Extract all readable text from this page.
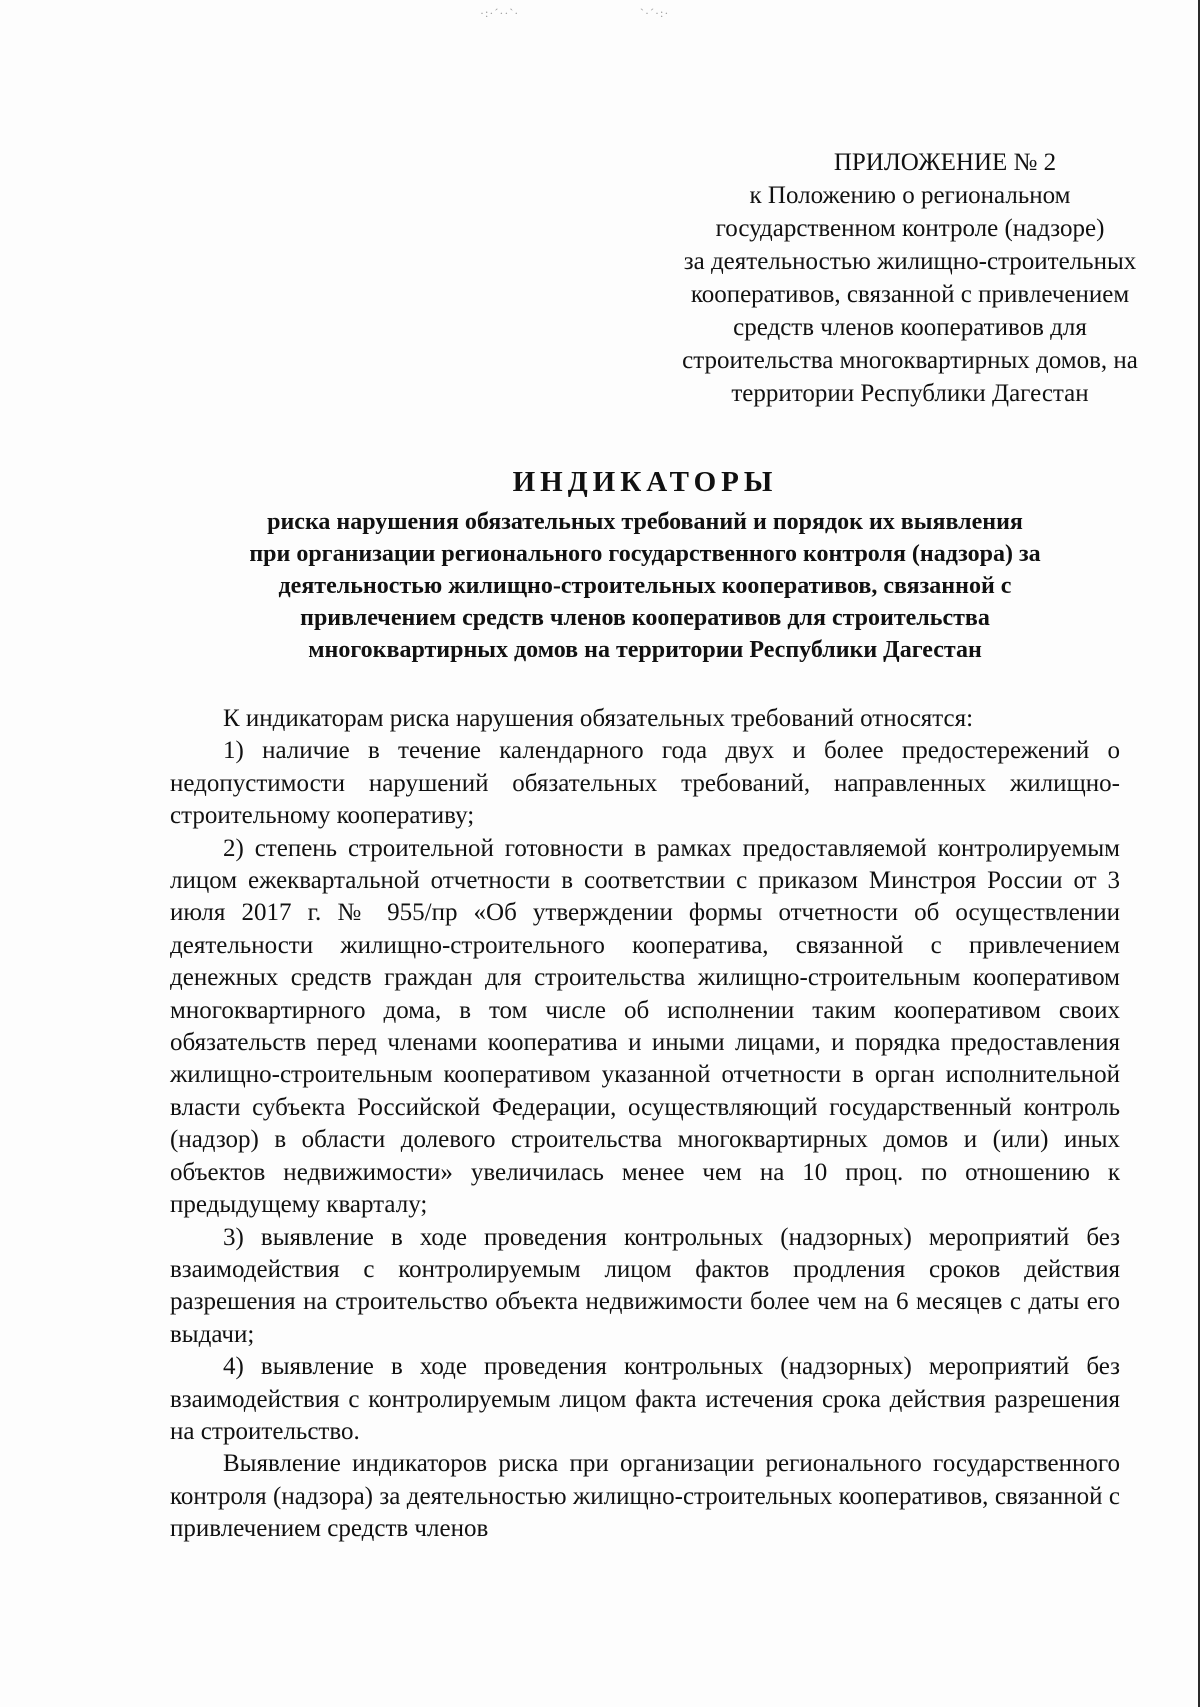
·:·´··`·	`·´·:·
ПРИЛОЖЕНИЕ № 2
к Положению о региональном
государственном контроле (надзоре)
за деятельностью жилищно-строительных
кооперативов, связанной с привлечением
средств членов кооперативов для
строительства многоквартирных домов, на
территории Республики Дагестан
ИНДИКАТОРЫ
риска нарушения обязательных требований и порядок их выявления
при организации регионального государственного контроля (надзора) за
деятельностью жилищно-строительных кооперативов, связанной с
привлечением средств членов кооперативов для строительства
многоквартирных домов на территории Республики Дагестан

К индикаторам риска нарушения обязательных требований относятся:

1) наличие в течение календарного года двух и более предостережений о недопустимости нарушений обязательных требований, направленных жилищно-строительному кооперативу;

2) степень строительной готовности в рамках предоставляемой контролируемым лицом ежеквартальной отчетности в соответствии с приказом Минстроя России от 3 июля 2017 г. № 955/пр «Об утверждении формы отчетности об осуществлении деятельности жилищно-строительного кооператива, связанной с привлечением денежных средств граждан для строительства жилищно-строительным кооперативом многоквартирного дома, в том числе об исполнении таким кооперативом своих обязательств перед членами кооператива и иными лицами, и порядка предоставления жилищно-строительным кооперативом указанной отчетности в орган исполнительной власти субъекта Российской Федерации, осуществляющий государственный контроль (надзор) в области долевого строительства многоквартирных домов и (или) иных объектов недвижимости» увеличилась менее чем на 10 проц. по отношению к предыдущему кварталу;

3) выявление в ходе проведения контрольных (надзорных) мероприятий без взаимодействия с контролируемым лицом фактов продления сроков действия разрешения на строительство объекта недвижимости более чем на 6 месяцев с даты его выдачи;

4) выявление в ходе проведения контрольных (надзорных) мероприятий без взаимодействия с контролируемым лицом факта истечения срока действия разрешения на строительство.

Выявление индикаторов риска при организации регионального государственного контроля (надзора) за деятельностью жилищно-строительных кооперативов, связанной с привлечением средств членов
